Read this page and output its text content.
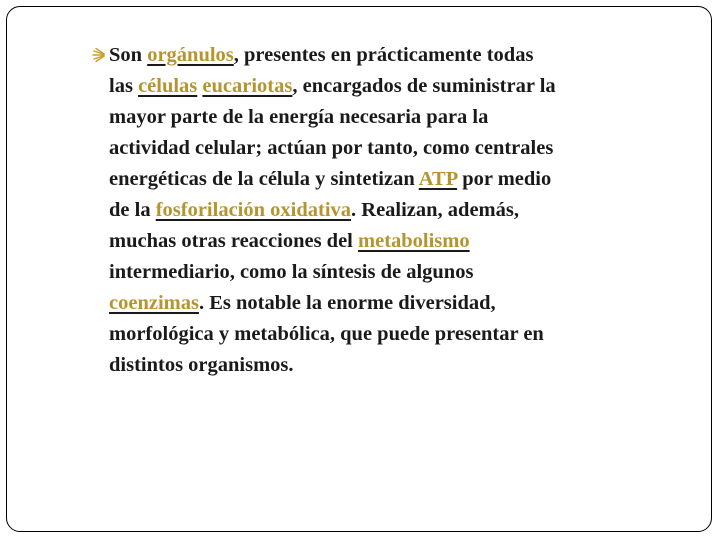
Son orgánulos, presentes en prácticamente todas
las células eucariotas, encargados de suministrar la
mayor parte de la energía necesaria para la
actividad celular; actúan por tanto, como centrales
energéticas de la célula y sintetizan ATP por medio
de la fosforilación oxidativa. Realizan, además,
muchas otras reacciones del metabolismo
intermediario, como la síntesis de algunos
coenzimas. Es notable la enorme diversidad,
morfológica y metabólica, que puede presentar en
distintos organismos.
